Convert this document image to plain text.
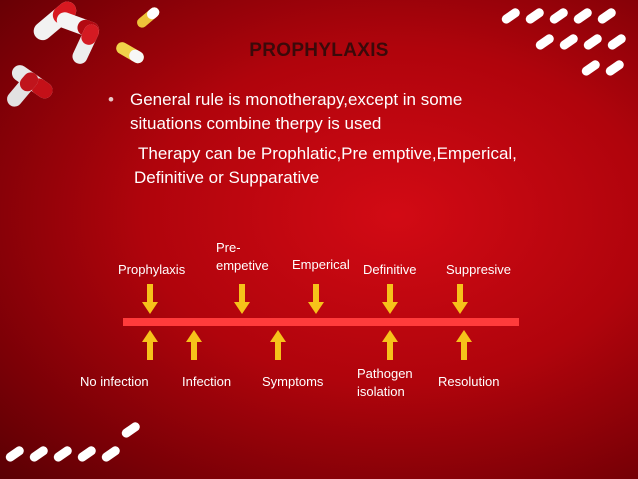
PROPHYLAXIS
• General rule is monotherapy,except in some
situations combine therpy is used
Therapy can be Prophlatic,Pre emptive,Emperical,
Definitive or Supparative
Prophylaxis
Pre-
empetive Emperical Definitive Suppresive
No infection	Infection Symptoms
Pathogen
isolation
Resolution
